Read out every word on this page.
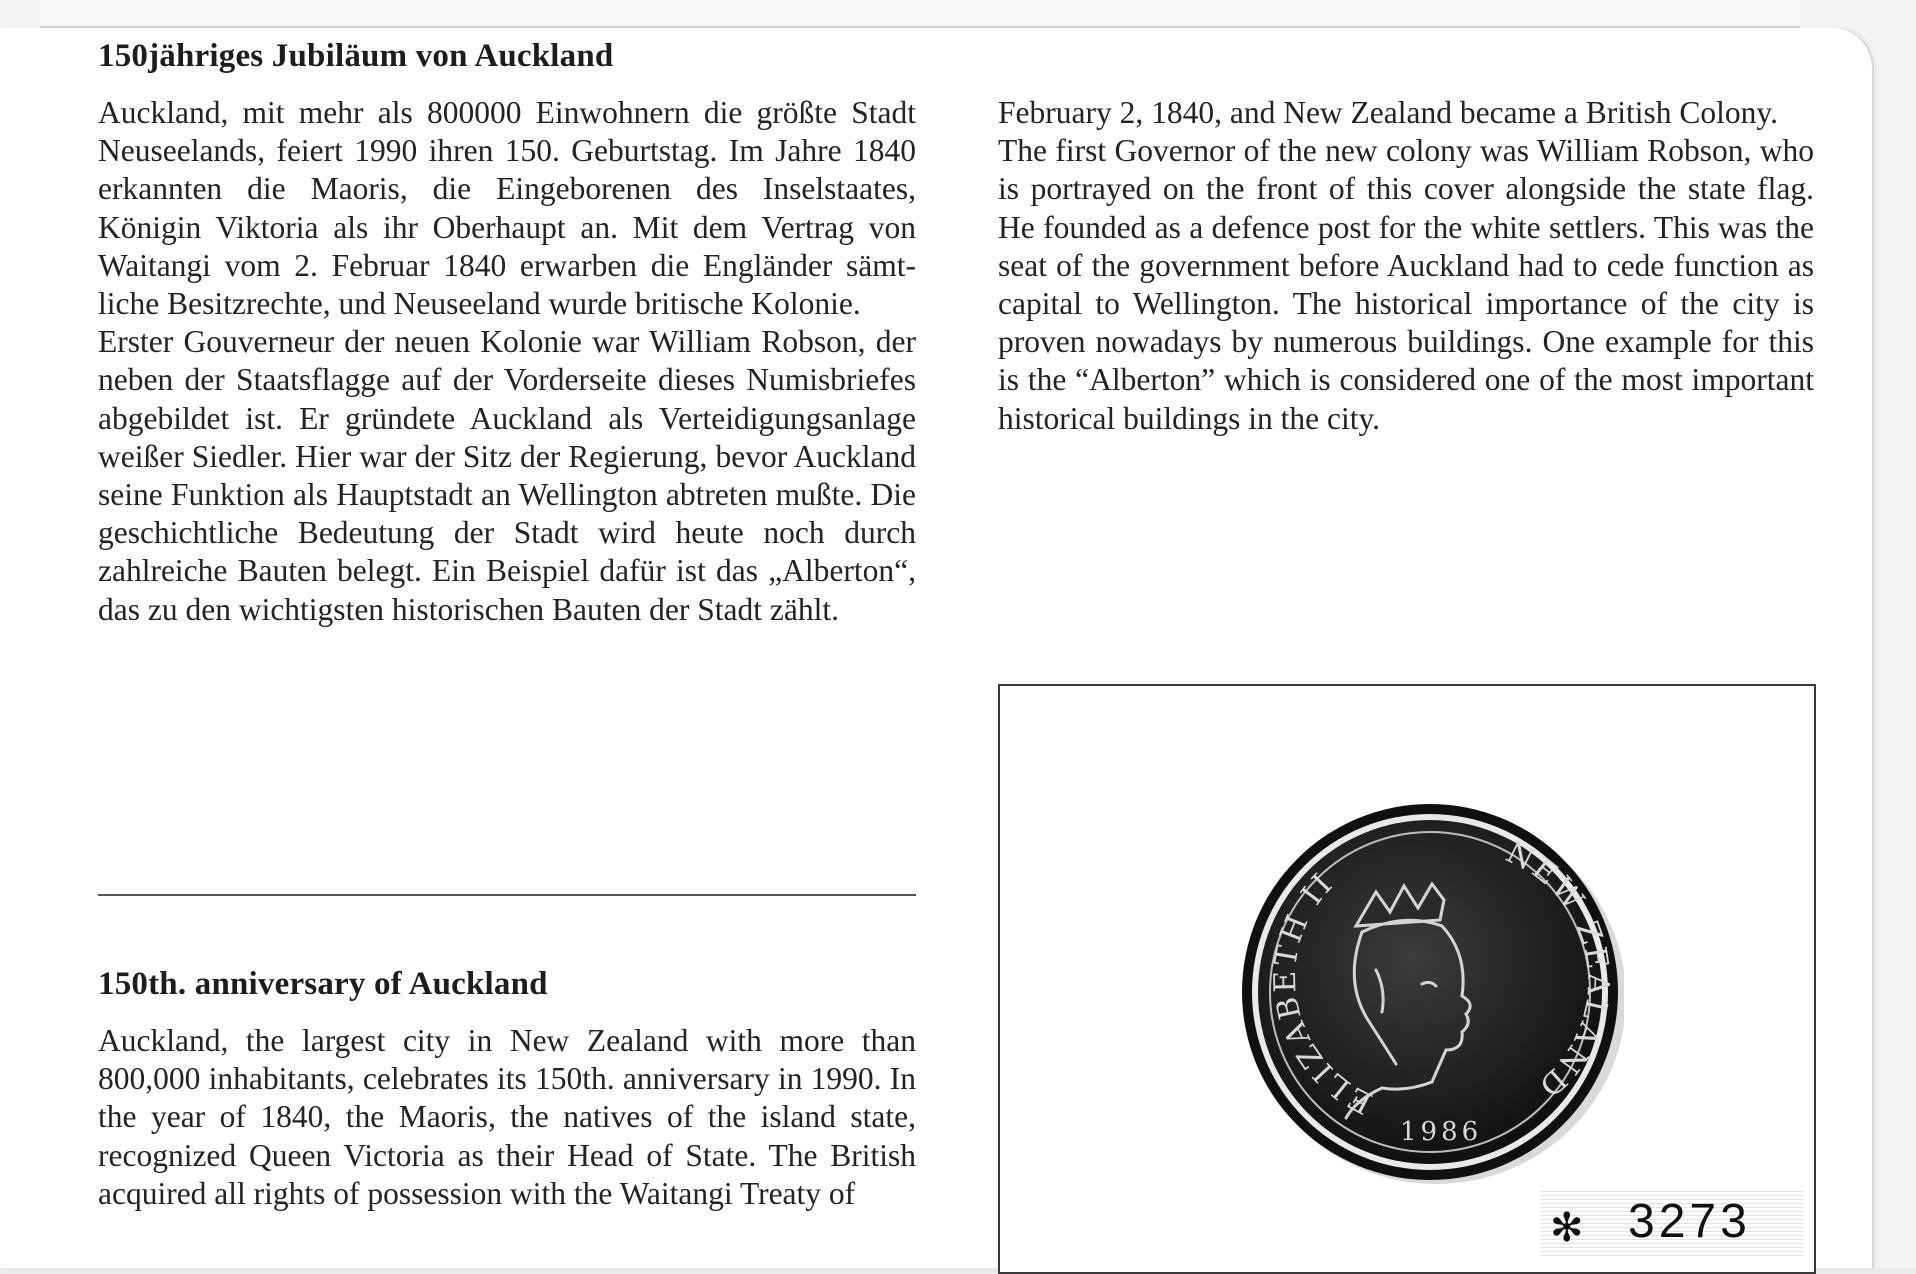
150jähriges Jubiläum von Auckland

Auckland, mit mehr als 800000 Einwohnern die größte Stadt Neuseelands, feiert 1990 ihren 150. Geburtstag. Im Jahre 1840 erkannten die Maoris, die Eingeborenen des Inselstaates, Königin Viktoria als ihr Oberhaupt an. Mit dem Vertrag von Waitangi vom 2. Februar 1840 erwarben die Engländer sämtliche Besitzrechte, und Neuseeland wurde britische Kolonie.

Erster Gouverneur der neuen Kolonie war William Robson, der neben der Staatsflagge auf der Vorderseite dieses Numisbriefes abgebildet ist. Er gründete Auckland als Verteidigungsanlage weißer Siedler. Hier war der Sitz der Regierung, bevor Auckland seine Funktion als Hauptstadt an Wellington abtreten mußte. Die geschichtliche Bedeutung der Stadt wird heute noch durch zahlreiche Bauten belegt. Ein Beispiel dafür ist das „Alberton“, das zu den wichtigsten historischen Bauten der Stadt zählt.

150th. anniversary of Auckland

Auckland, the largest city in New Zealand with more than 800,000 inhabitants, celebrates its 150th. anniversary in 1990. In the year of 1840, the Maoris, the natives of the island state, recognized Queen Victoria as their Head of State. The British acquired all rights of possession with the Waitangi Treaty of

February 2, 1840, and New Zealand became a British Colony.

The first Governor of the new colony was William Robson, who is portrayed on the front of this cover alongside the state flag. He founded as a defence post for the white settlers. This was the seat of the government before Auckland had to cede function as capital to Wellington. The historical importance of the city is proven nowadays by numerous buildings. One example for this is the “Alberton” which is considered one of the most important historical buildings in the city.

ELIZABETH II
NEW ZEALAND
1986
✻ 3273
